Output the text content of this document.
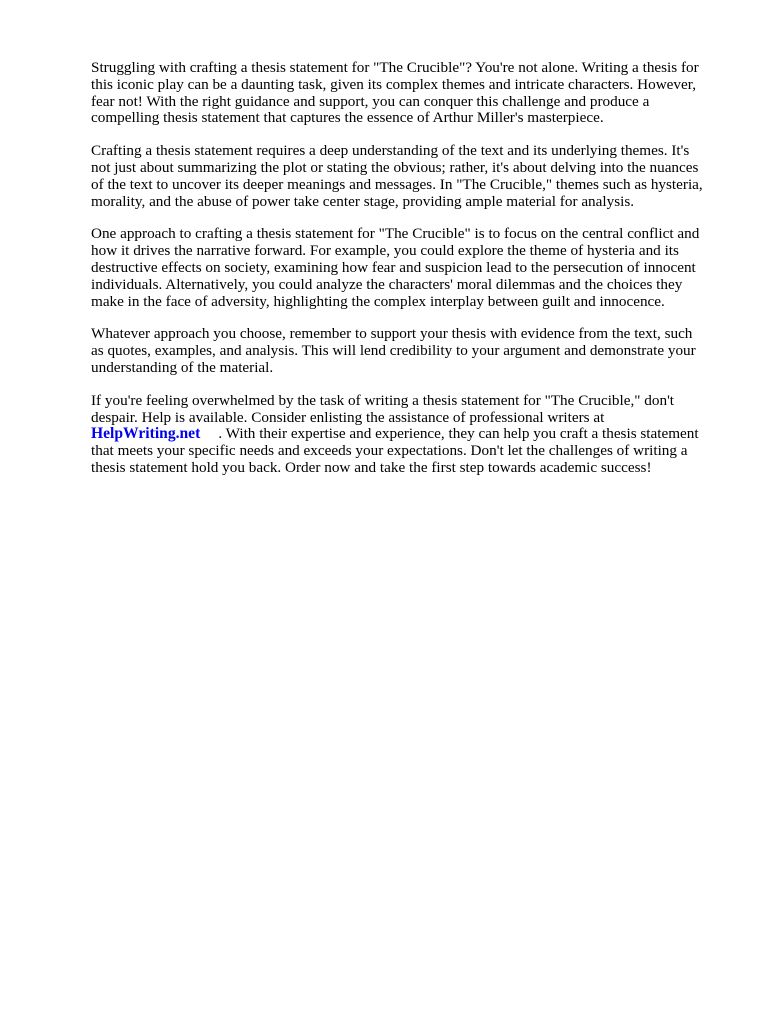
Struggling with crafting a thesis statement for "The Crucible"? You're not alone. Writing a thesis for
this iconic play can be a daunting task, given its complex themes and intricate characters. However,
fear not! With the right guidance and support, you can conquer this challenge and produce a
compelling thesis statement that captures the essence of Arthur Miller's masterpiece.

Crafting a thesis statement requires a deep understanding of the text and its underlying themes. It's
not just about summarizing the plot or stating the obvious; rather, it's about delving into the nuances
of the text to uncover its deeper meanings and messages. In "The Crucible," themes such as hysteria,
morality, and the abuse of power take center stage, providing ample material for analysis.

One approach to crafting a thesis statement for "The Crucible" is to focus on the central conflict and
how it drives the narrative forward. For example, you could explore the theme of hysteria and its
destructive effects on society, examining how fear and suspicion lead to the persecution of innocent
individuals. Alternatively, you could analyze the characters' moral dilemmas and the choices they
make in the face of adversity, highlighting the complex interplay between guilt and innocence.

Whatever approach you choose, remember to support your thesis with evidence from the text, such
as quotes, examples, and analysis. This will lend credibility to your argument and demonstrate your
understanding of the material.

If you're feeling overwhelmed by the task of writing a thesis statement for "The Crucible," don't
despair. Help is available. Consider enlisting the assistance of professional writers at
HelpWriting.net . With their expertise and experience, they can help you craft a thesis statement
that meets your specific needs and exceeds your expectations. Don't let the challenges of writing a
thesis statement hold you back. Order now and take the first step towards academic success!
